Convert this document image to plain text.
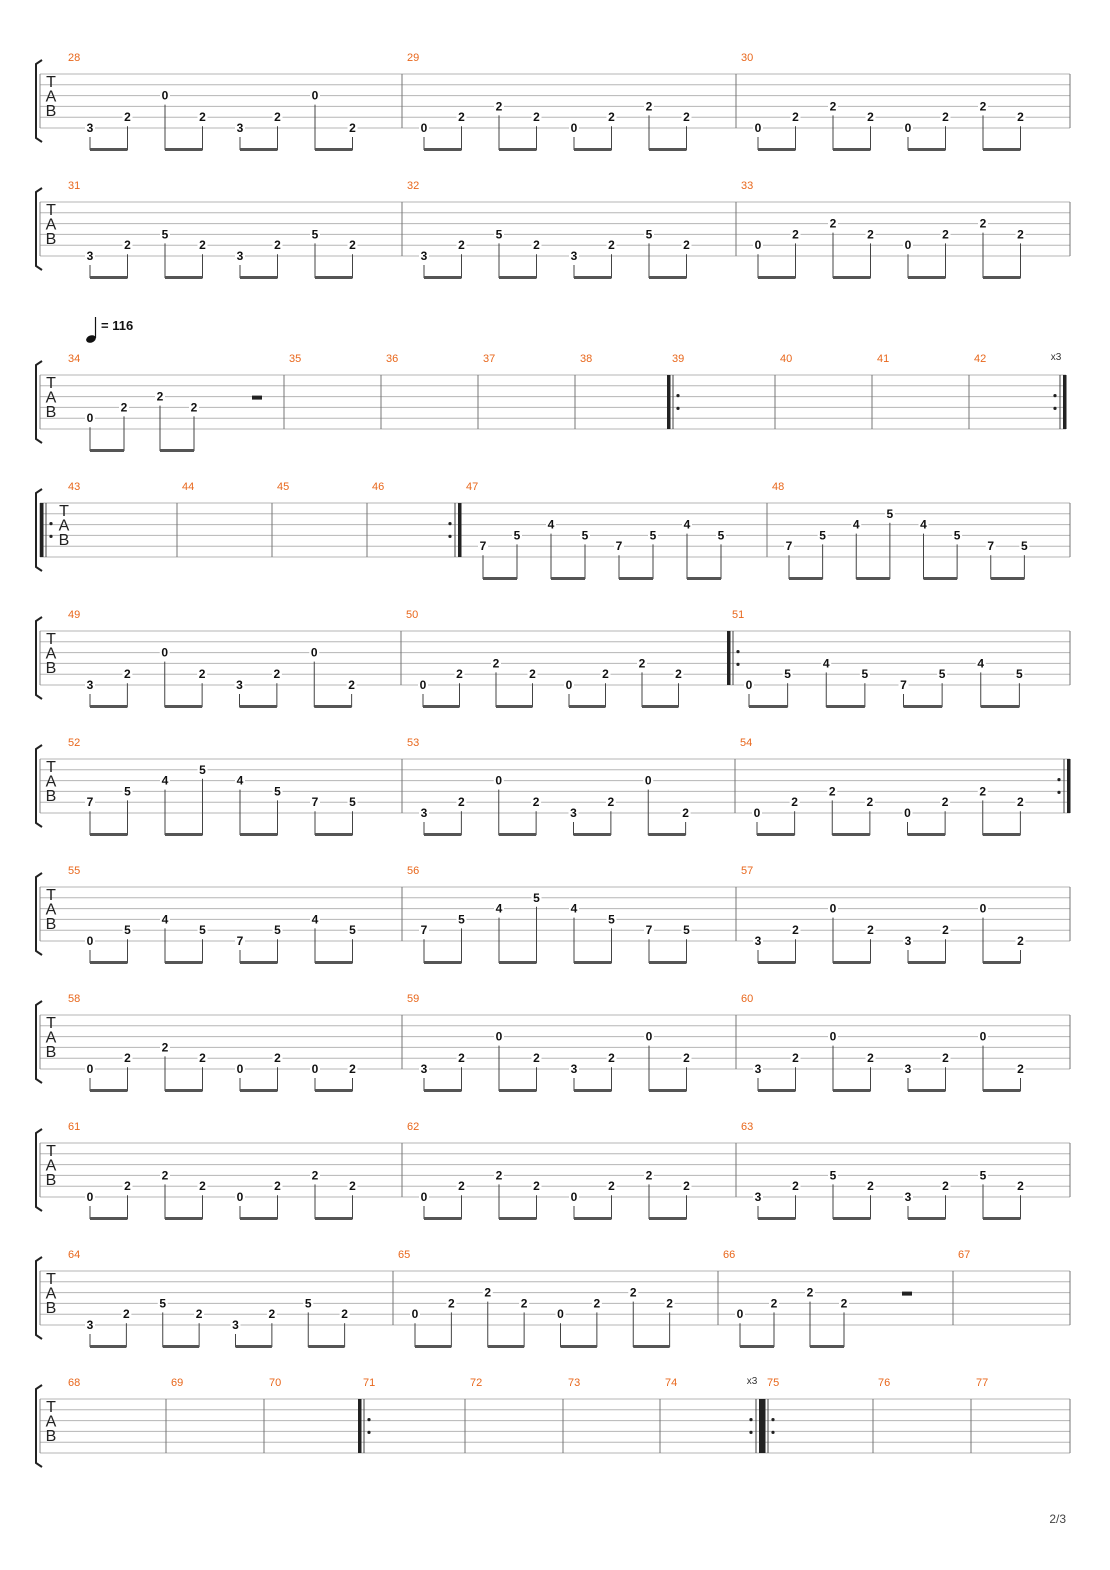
T
A
B
28
3
2
0
2
3
2
0
2
29
0
2
2
2
0
2
2
2
30
0
2
2
2
0
2
2
2
T
A
B
31
3
2
5
2
3
2
5
2
32
3
2
5
2
3
2
5
2
33
0
2
2
2
0
2
2
2
T
A
B
= 116
34
0
2
2
2
35	36	37	38	39	40	41	42	x3
T
A
B
43	44	45	46	47
7
5
4
5
7
5
4
5
48
7
5
4
5
4
5
7 5
T
A
B
49
3
2
0
2
3
2
0
2
50
0
2
2
2
0
2
2
2
51
0
5
4
5
7
5
4
5
T
A
B
52
7
5
4
5
4
5
7	5
53
3
2
0
2
3
2
0
2
54
0
2
2
2
0
2
2
2
T
A
B
55
0
5
4
5
7
5
4
5
56
7
5
4
5
4
5
7	5
57
3
2
0
2
3
2
0
2
T
A
B
58
0
2
2
2
0
2
0	2
59
3
2
0
2
3
2
0
2
60
3
2
0
2
3
2
0
2
T
A
B
61
0
2
2
2
0
2
2
2
62
0
2
2
2
0
2
2
2
63
3
2
5
2
3
2
5
2
T
A
B
64
3
2
5
2
3
2
5
2
65
0
2
2
2
0
2
2
2
66
0
2
2
2
67
T
A
B
68	69	70	71	72	73	74	x3 75	76	77
2/3
